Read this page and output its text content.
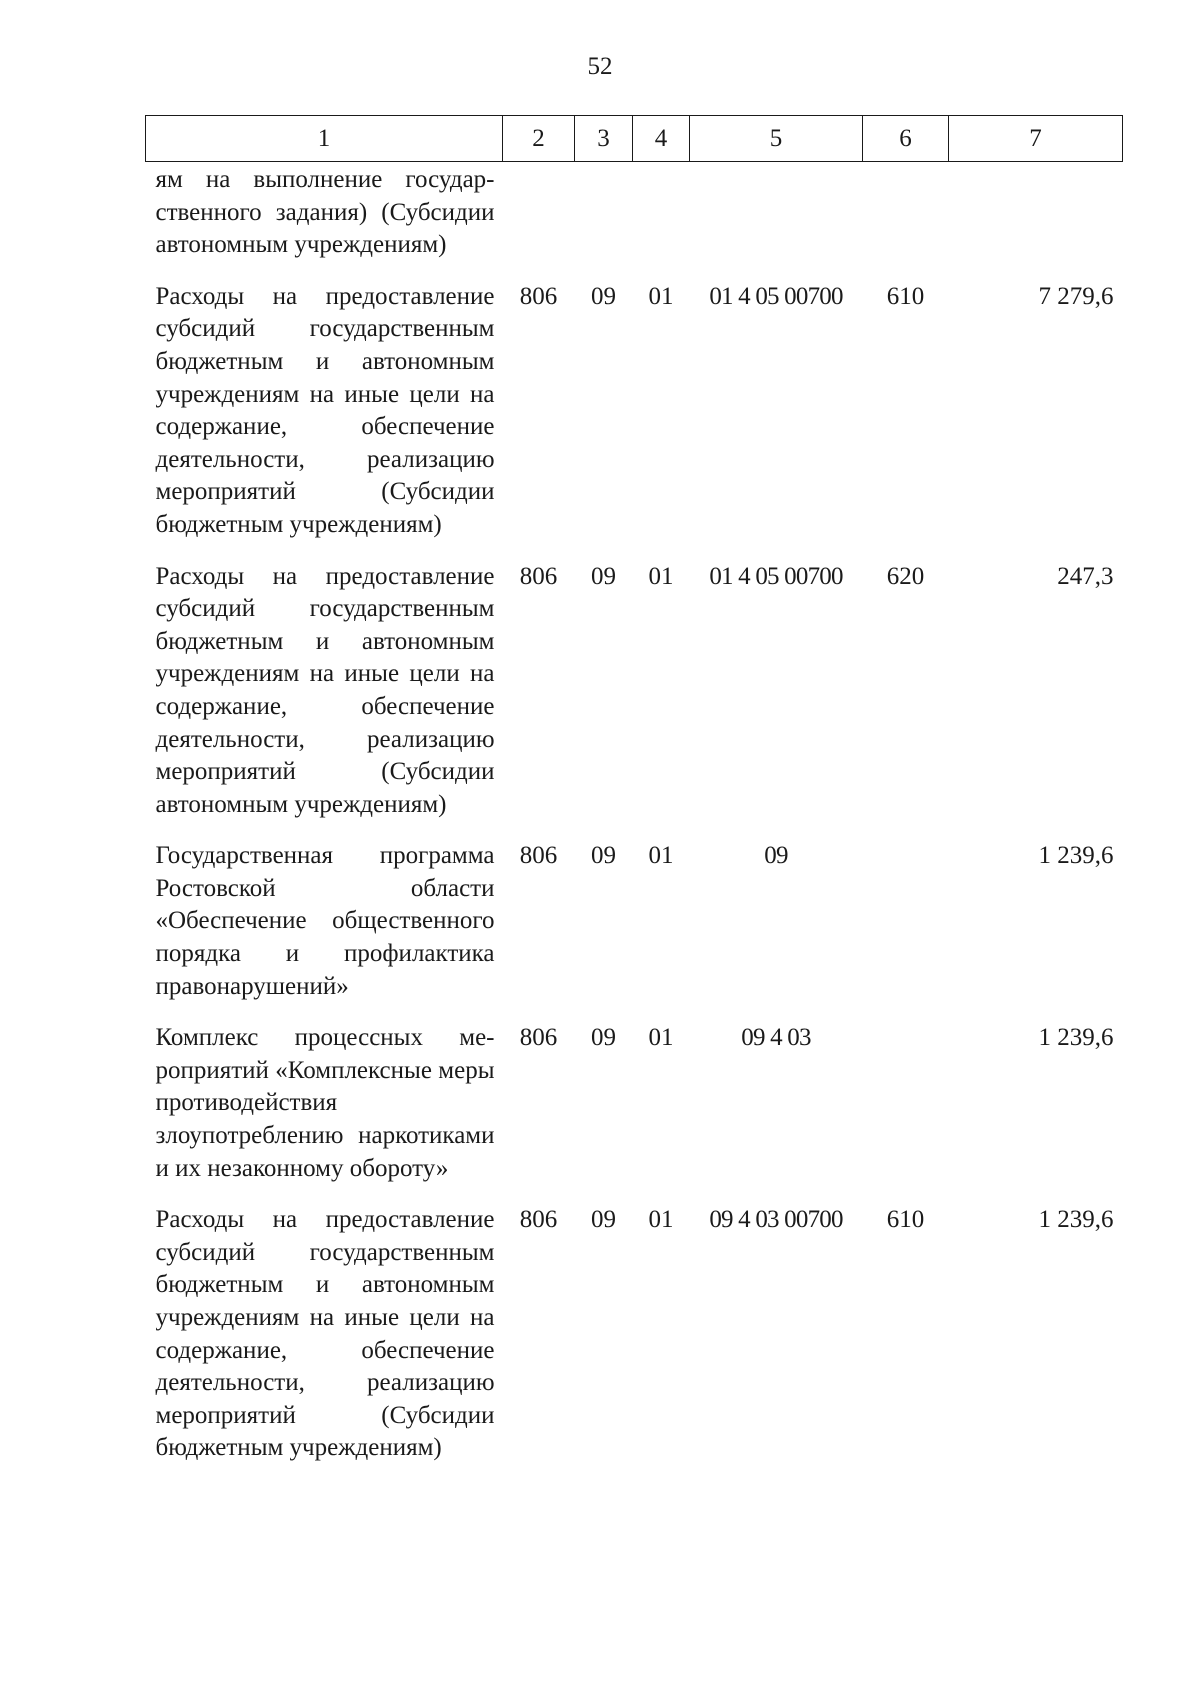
52
1	2	3	4	5	6	7
ям на выполнение государственного задания) (Субсидии автономным учреждениям)						
Расходы на предоставление субсидий государственным бюджетным и автономным учреждениям на иные цели на содержание, обеспечение деятельности, реализацию мероприятий (Субсидии бюджетным учреждениям)	806	09	01	01 4 05 00700	610	7 279,6
Расходы на предоставление субсидий государственным бюджетным и автономным учреждениям на иные цели на содержание, обеспечение деятельности, реализацию мероприятий (Субсидии автономным учреждениям)	806	09	01	01 4 05 00700	620	247,3
Государственная программа Ростовской области «Обеспечение общественного порядка и профилактика правонарушений»	806	09	01	09		1 239,6
Комплекс процессных мероприятий «Комплексные меры противодействия злоупотреблению наркотиками и их незаконному обороту»	806	09	01	09 4 03		1 239,6
Расходы на предоставление субсидий государственным бюджетным и автономным учреждениям на иные цели на содержание, обеспечение деятельности, реализацию мероприятий (Субсидии бюджетным учреждениям)	806	09	01	09 4 03 00700	610	1 239,6
